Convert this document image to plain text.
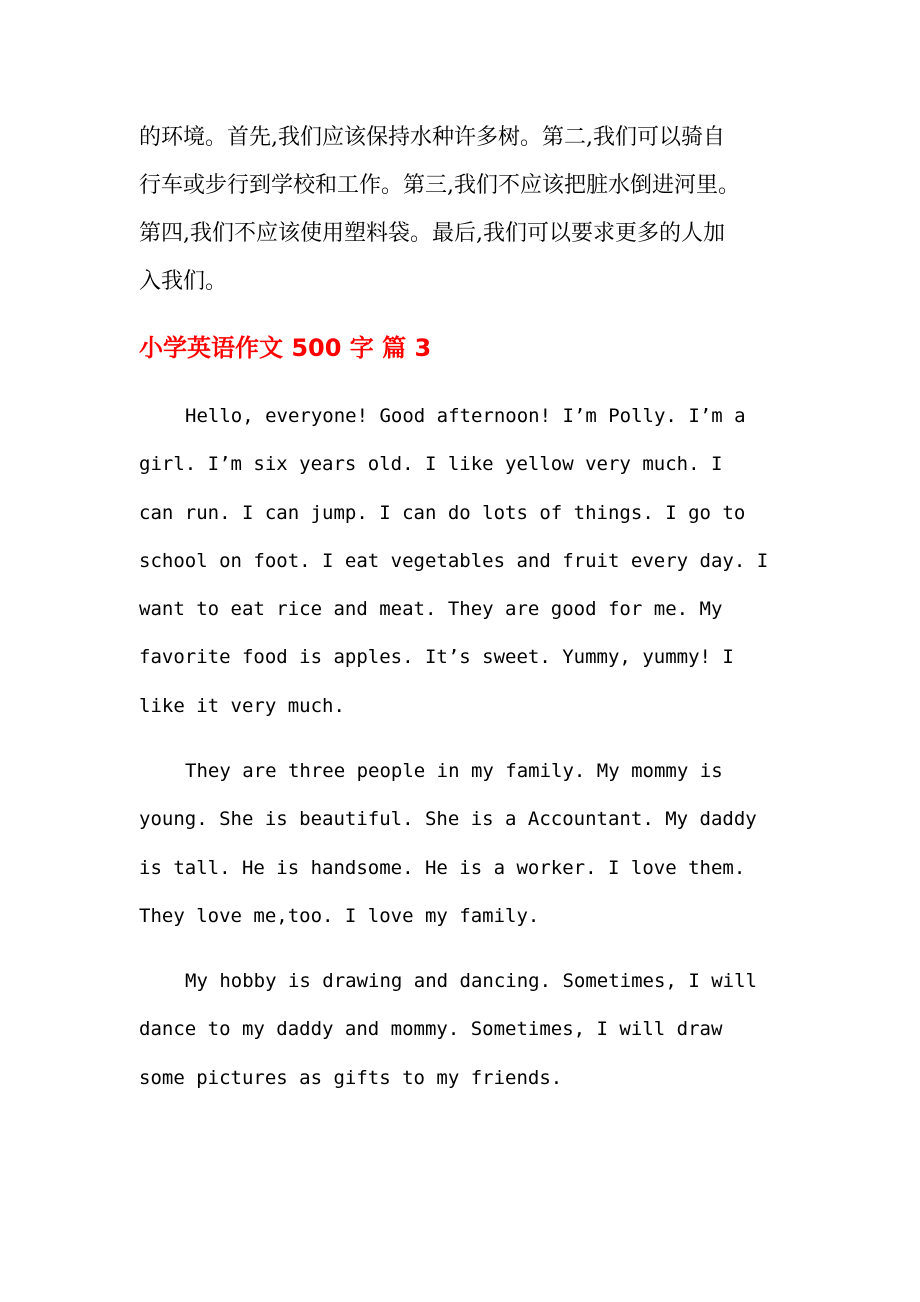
的环境。首先,我们应该保持水种许多树。第二,我们可以骑自
行车或步行到学校和工作。第三,我们不应该把脏水倒进河里。
第四,我们不应该使用塑料袋。最后,我们可以要求更多的人加
入我们。

小学英语作文 500 字 篇 3

Hello, everyone! Good afternoon! I’m Polly. I’m a
girl. I’m six years old. I like yellow very much. I
can run. I can jump. I can do lots of things. I go to
school on foot. I eat vegetables and fruit every day. I
want to eat rice and meat. They are good for me. My
favorite food is apples. It’s sweet. Yummy, yummy! I
like it very much.

They are three people in my family. My mommy is
young. She is beautiful. She is a Accountant. My daddy
is tall. He is handsome. He is a worker. I love them.
They love me,too. I love my family.

My hobby is drawing and dancing. Sometimes, I will
dance to my daddy and mommy. Sometimes, I will draw
some pictures as gifts to my friends.
